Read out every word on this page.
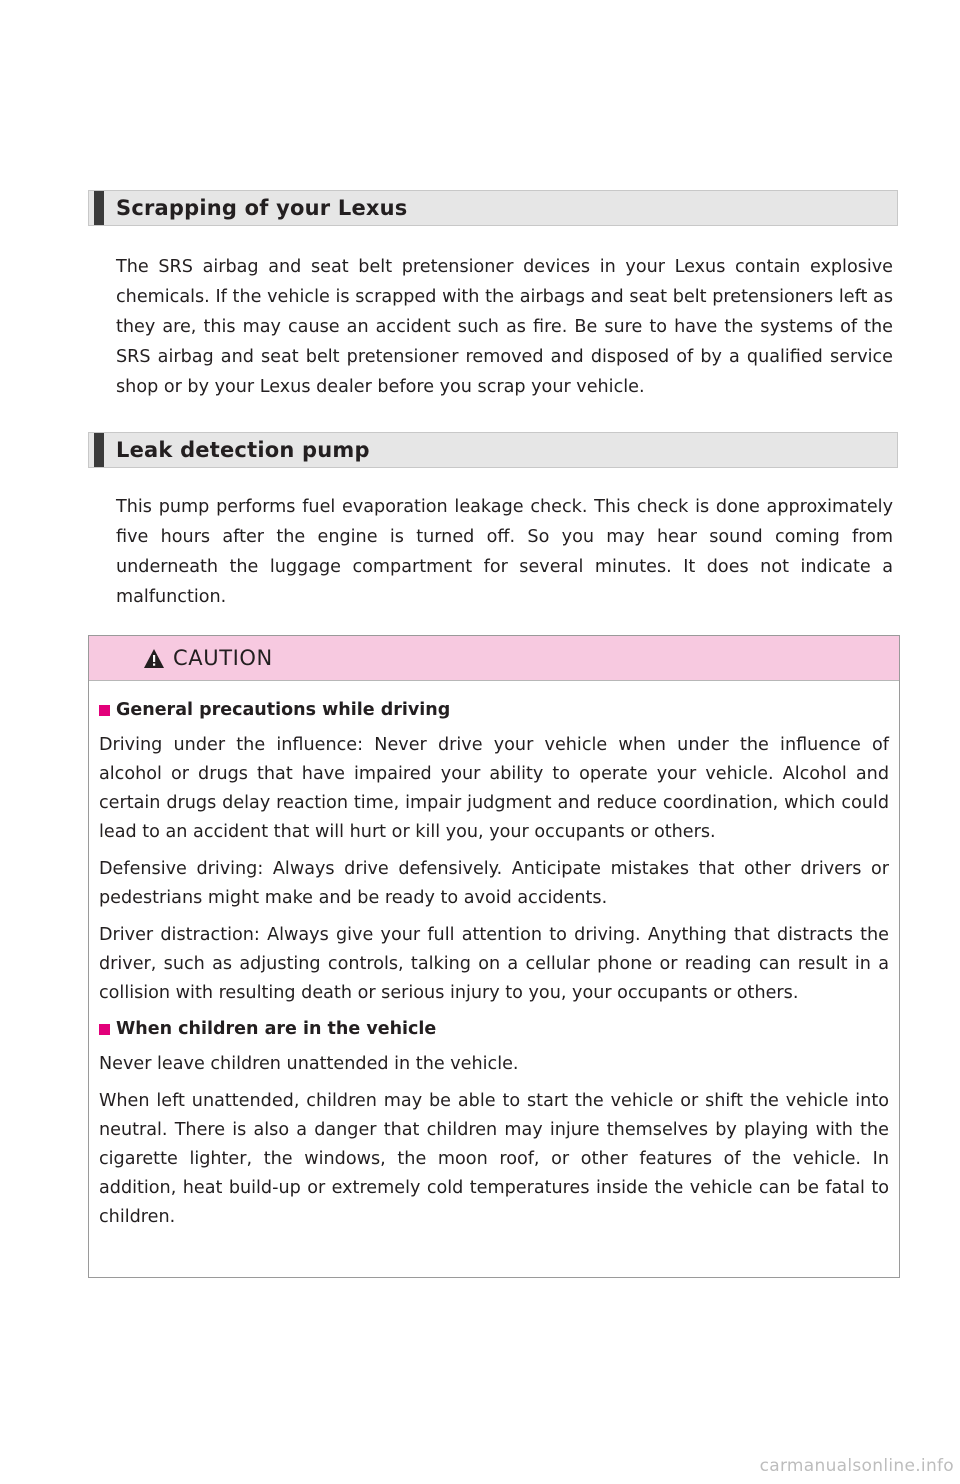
Scrapping of your Lexus

The SRS airbag and seat belt pretensioner devices in your Lexus contain explosive chemicals. If the vehicle is scrapped with the airbags and seat belt pretensioners left as they are, this may cause an accident such as fire. Be sure to have the systems of the SRS airbag and seat belt pretensioner removed and disposed of by a qualified service shop or by your Lexus dealer before you scrap your vehicle.

Leak detection pump

This pump performs fuel evaporation leakage check. This check is done approximately five hours after the engine is turned off. So you may hear sound coming from underneath the luggage compartment for several minutes. It does not indicate a malfunction.

CAUTION
General precautions while driving

Driving under the influence: Never drive your vehicle when under the influence of alcohol or drugs that have impaired your ability to operate your vehicle. Alcohol and certain drugs delay reaction time, impair judgment and reduce coordination, which could lead to an accident that will hurt or kill you, your occupants or others.

Defensive driving: Always drive defensively. Anticipate mistakes that other drivers or pedestrians might make and be ready to avoid accidents.

Driver distraction: Always give your full attention to driving. Anything that distracts the driver, such as adjusting controls, talking on a cellular phone or reading can result in a collision with resulting death or serious injury to you, your occupants or others.

When children are in the vehicle

Never leave children unattended in the vehicle.

When left unattended, children may be able to start the vehicle or shift the vehicle into neutral. There is also a danger that children may injure themselves by playing with the cigarette lighter, the windows, the moon roof, or other features of the vehicle. In addition, heat build-up or extremely cold temperatures inside the vehicle can be fatal to children.

carmanualsonline.info
